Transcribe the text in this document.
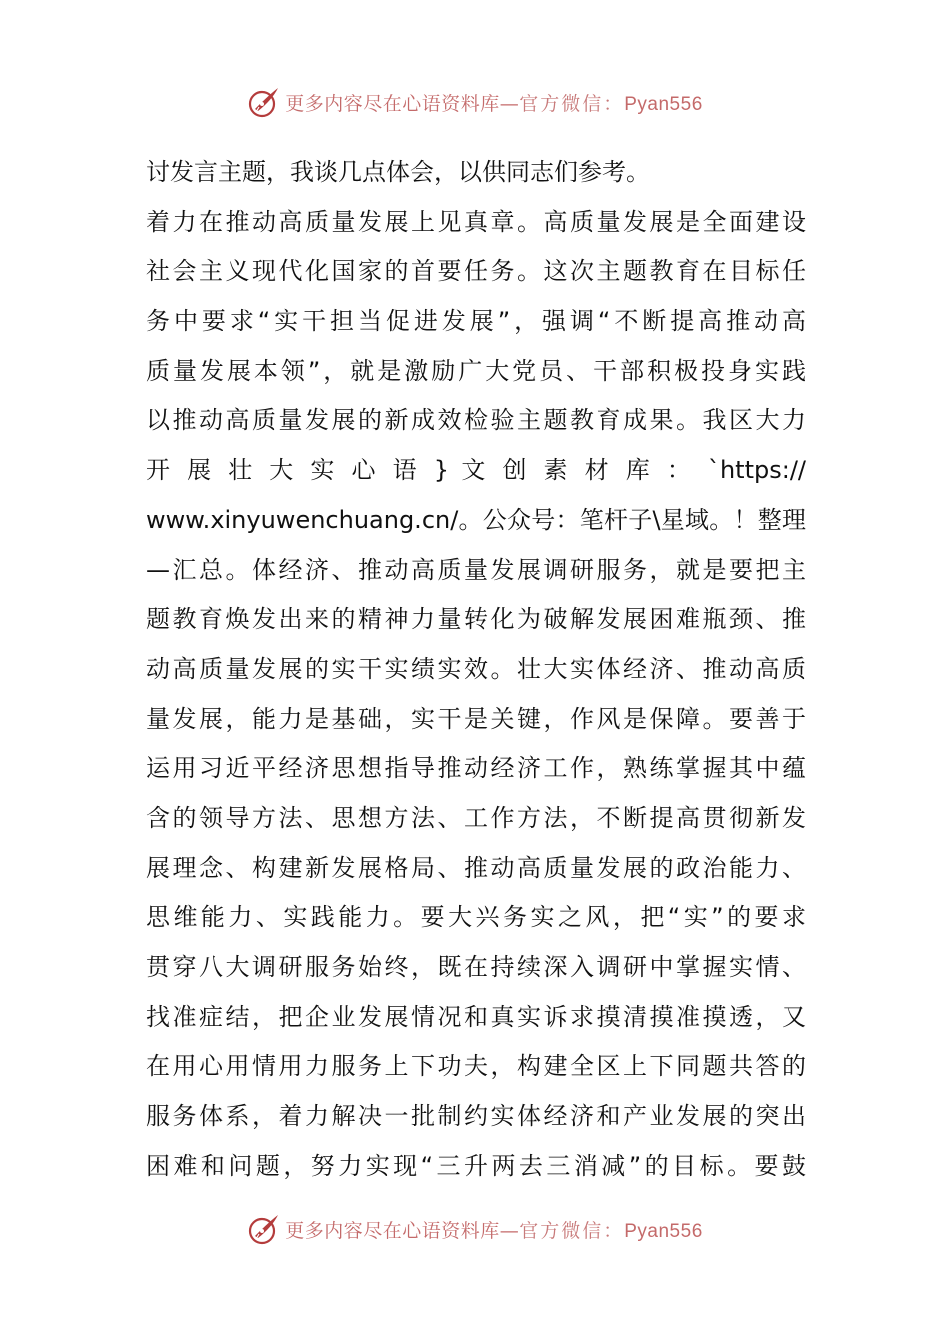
更多内容尽在心语资料库—官方微信：Pyan556
讨发言主题，我谈几点体会，以供同志们参考。
着力在推动高质量发展上见真章。高质量发展是全面建设
社会主义现代化国家的首要任务。这次主题教育在目标任
务中要求“实干担当促进发展”，强调“不断提高推动高
质量发展本领”，就是激励广大党员、干部积极投身实践
以推动高质量发展的新成效检验主题教育成果。我区大力
开 展 壮 大 实 心 语 } 文 创 素 材 库 ： `https://
www.xinyuwenchuang.cn/。公众号：笔杆子\星域。！整理
—汇总。体经济、推动高质量发展调研服务，就是要把主
题教育焕发出来的精神力量转化为破解发展困难瓶颈、推
动高质量发展的实干实绩实效。壮大实体经济、推动高质
量发展，能力是基础，实干是关键，作风是保障。要善于
运用习近平经济思想指导推动经济工作，熟练掌握其中蕴
含的领导方法、思想方法、工作方法，不断提高贯彻新发
展理念、构建新发展格局、推动高质量发展的政治能力、
思维能力、实践能力。要大兴务实之风，把“实”的要求
贯穿八大调研服务始终，既在持续深入调研中掌握实情、
找准症结，把企业发展情况和真实诉求摸清摸准摸透，又
在用心用情用力服务上下功夫，构建全区上下同题共答的
服务体系，着力解决一批制约实体经济和产业发展的突出
困难和问题，努力实现“三升两去三消减”的目标。要鼓
更多内容尽在心语资料库—官方微信：Pyan556
